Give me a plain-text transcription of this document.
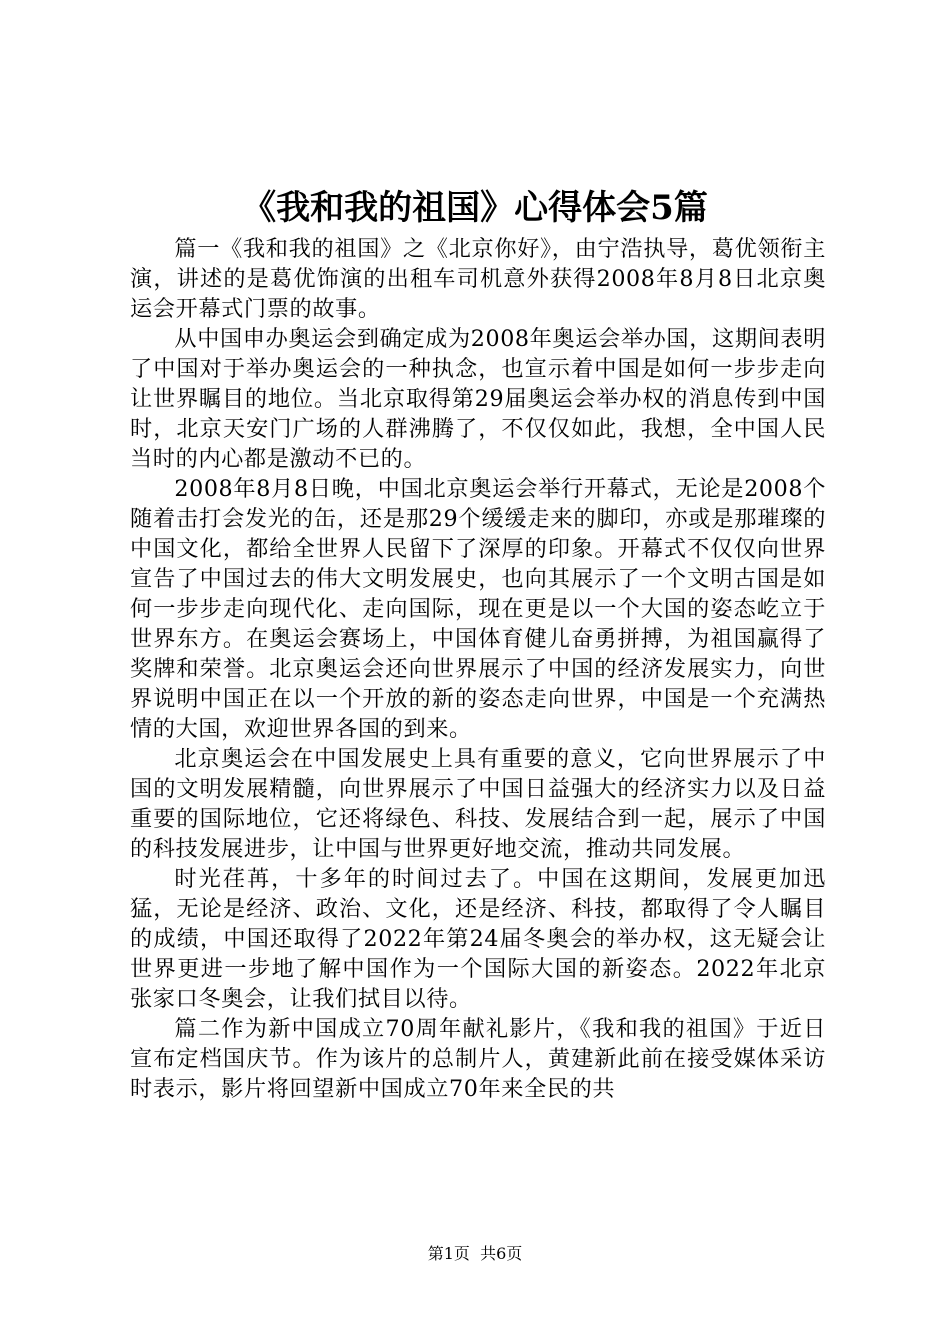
《我和我的祖国》心得体会5篇

篇一《我和我的祖国》之《北京你好》，由宁浩执导，葛优领衔主演，讲述的是葛优饰演的出租车司机意外获得2008年8月8日北京奥运会开幕式门票的故事。

从中国申办奥运会到确定成为2008年奥运会举办国，这期间表明了中国对于举办奥运会的一种执念，也宣示着中国是如何一步步走向让世界瞩目的地位。当北京取得第29届奥运会举办权的消息传到中国时，北京天安门广场的人群沸腾了，不仅仅如此，我想，全中国人民当时的内心都是激动不已的。

2008年8月8日晚，中国北京奥运会举行开幕式，无论是2008个随着击打会发光的缶，还是那29个缓缓走来的脚印，亦或是那璀璨的中国文化，都给全世界人民留下了深厚的印象。开幕式不仅仅向世界宣告了中国过去的伟大文明发展史，也向其展示了一个文明古国是如何一步步走向现代化、走向国际，现在更是以一个大国的姿态屹立于世界东方。在奥运会赛场上，中国体育健儿奋勇拼搏，为祖国赢得了奖牌和荣誉。北京奥运会还向世界展示了中国的经济发展实力，向世界说明中国正在以一个开放的新的姿态走向世界，中国是一个充满热情的大国，欢迎世界各国的到来。

北京奥运会在中国发展史上具有重要的意义，它向世界展示了中国的文明发展精髓，向世界展示了中国日益强大的经济实力以及日益重要的国际地位，它还将绿色、科技、发展结合到一起，展示了中国的科技发展进步，让中国与世界更好地交流，推动共同发展。

时光荏苒，十多年的时间过去了。中国在这期间，发展更加迅猛，无论是经济、政治、文化，还是经济、科技，都取得了令人瞩目的成绩，中国还取得了2022年第24届冬奥会的举办权，这无疑会让世界更进一步地了解中国作为一个国际大国的新姿态。2022年北京张家口冬奥会，让我们拭目以待。

篇二作为新中国成立70周年献礼影片，《我和我的祖国》于近日宣布定档国庆节。作为该片的总制片人，黄建新此前在接受媒体采访时表示，影片将回望新中国成立70年来全民的共

第1页 共6页
